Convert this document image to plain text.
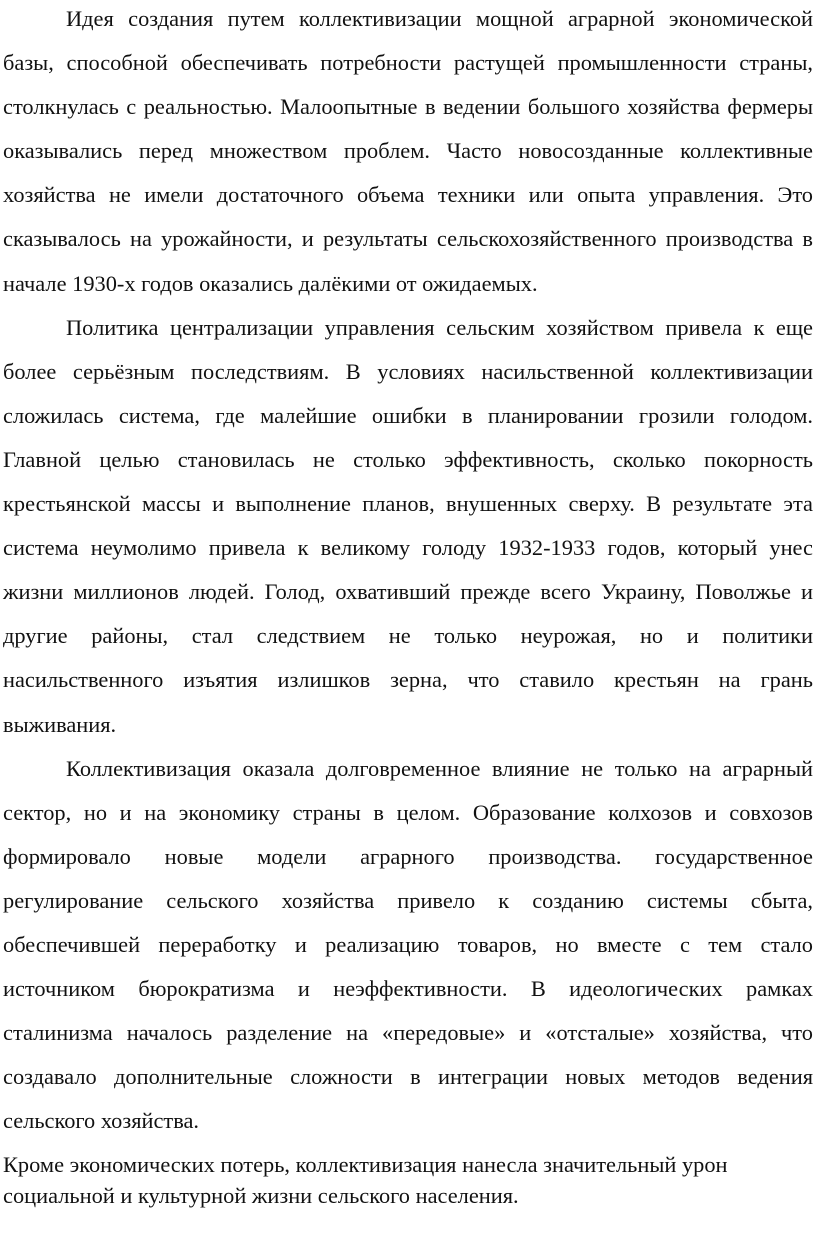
Идея создания путем коллективизации мощной аграрной экономической базы, способной обеспечивать потребности растущей промышленности страны, столкнулась с реальностью. Малоопытные в ведении большого хозяйства фермеры оказывались перед множеством проблем. Часто новосозданные коллективные хозяйства не имели достаточного объема техники или опыта управления. Это сказывалось на урожайности, и результаты сельскохозяйственного производства в начале 1930-х годов оказались далёкими от ожидаемых.

Политика централизации управления сельским хозяйством привела к еще более серьёзным последствиям. В условиях насильственной коллективизации сложилась система, где малейшие ошибки в планировании грозили голодом. Главной целью становилась не столько эффективность, сколько покорность крестьянской массы и выполнение планов, внушенных сверху. В результате эта система неумолимо привела к великому голоду 1932-1933 годов, который унес жизни миллионов людей. Голод, охвативший прежде всего Украину, Поволжье и другие районы, стал следствием не только неурожая, но и политики насильственного изъятия излишков зерна, что ставило крестьян на грань выживания.

Коллективизация оказала долговременное влияние не только на аграрный сектор, но и на экономику страны в целом. Образование колхозов и совхозов формировало новые модели аграрного производства. государственное регулирование сельского хозяйства привело к созданию системы сбыта, обеспечившей переработку и реализацию товаров, но вместе с тем стало источником бюрократизма и неэффективности. В идеологических рамках сталинизма началось разделение на «передовые» и «отсталые» хозяйства, что создавало дополнительные сложности в интеграции новых методов ведения сельского хозяйства.

Кроме экономических потерь, коллективизация нанесла значительный урон социальной и культурной жизни сельского населения.
